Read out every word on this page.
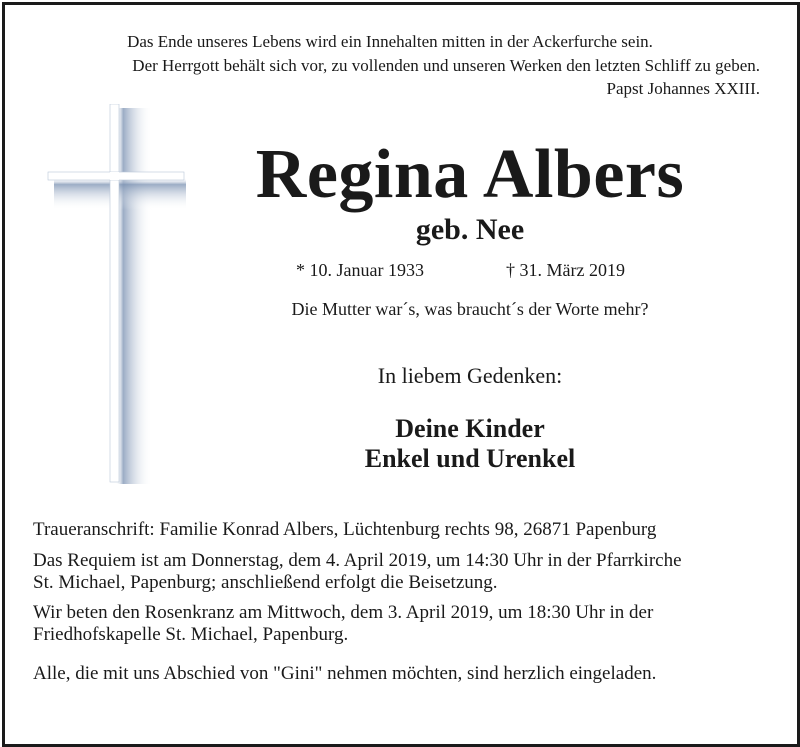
Das Ende unseres Lebens wird ein Innehalten mitten in der Ackerfurche sein.
Der Herrgott behält sich vor, zu vollenden und unseren Werken den letzten Schliff zu geben.
Papst Johannes XXIII.
Regina Albers
geb. Nee
* 10. Januar 1933	† 31. März 2019
Die Mutter war´s, was braucht´s der Worte mehr?
In liebem Gedenken:
Deine Kinder
Enkel und Urenkel
Traueranschrift: Familie Konrad Albers, Lüchtenburg rechts 98, 26871 Papenburg
Das Requiem ist am Donnerstag, dem 4. April 2019, um 14:30 Uhr in der Pfarrkirche
St. Michael, Papenburg; anschließend erfolgt die Beisetzung.
Wir beten den Rosenkranz am Mittwoch, dem 3. April 2019, um 18:30 Uhr in der
Friedhofskapelle St. Michael, Papenburg.
Alle, die mit uns Abschied von "Gini" nehmen möchten, sind herzlich eingeladen.
